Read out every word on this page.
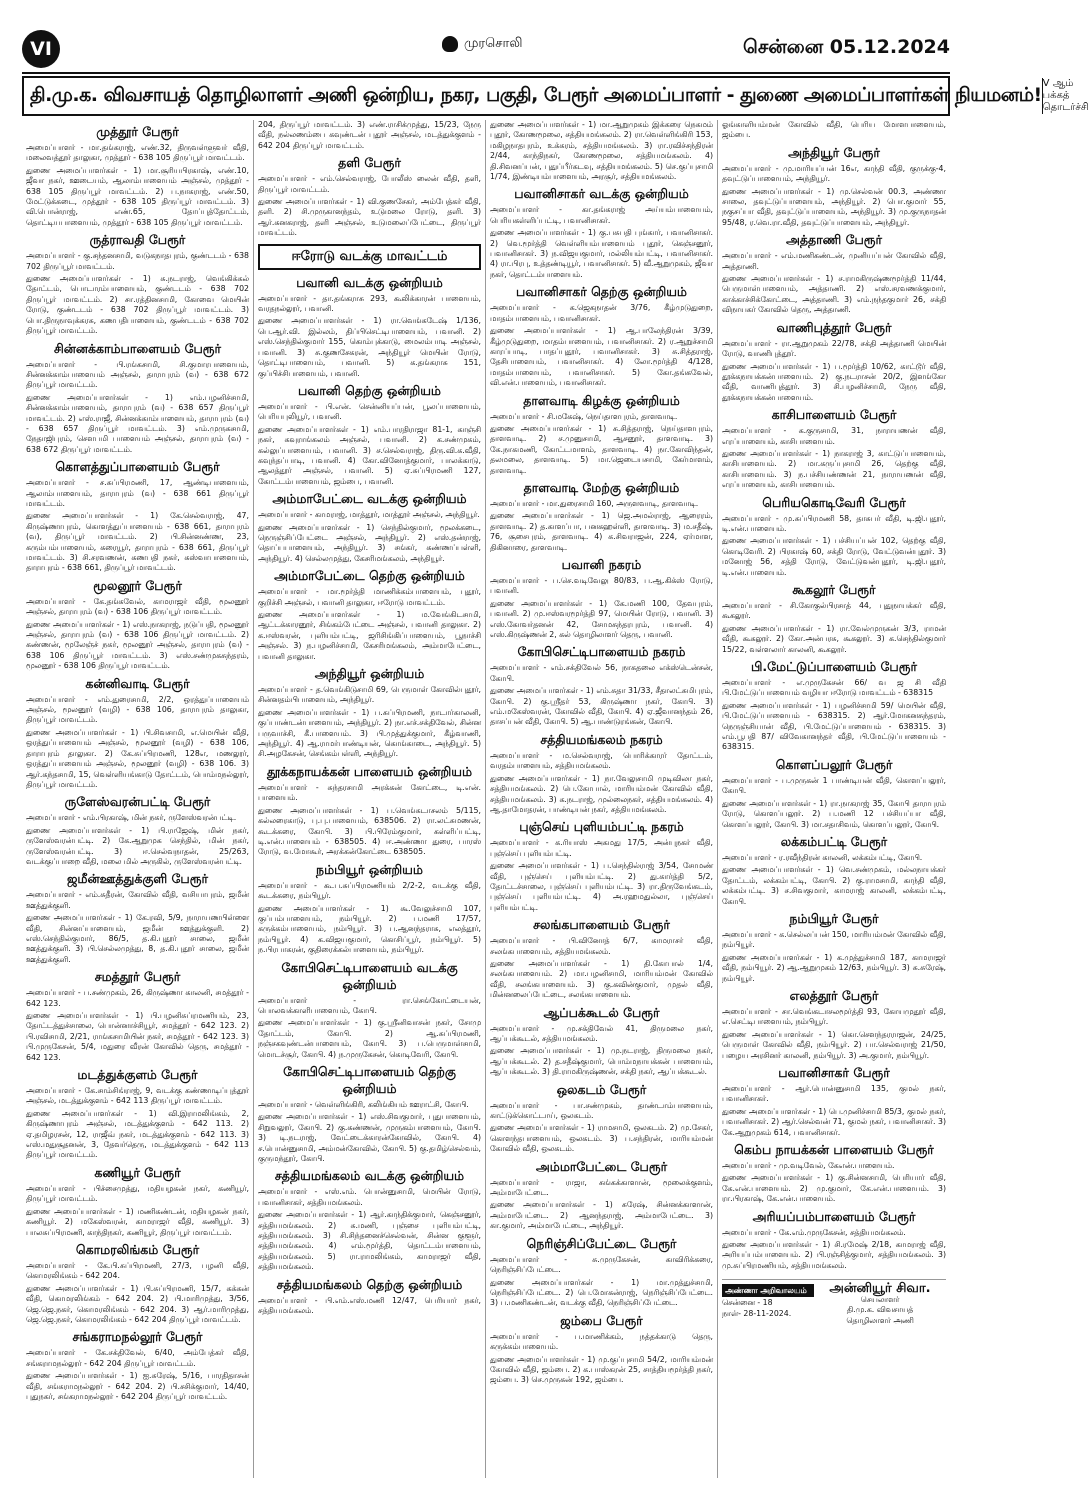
VI	முரசொலி	சென்னை 05.12.2024
தி.மு.க. விவசாயத் தொழிலாளர் அணி ஒன்றிய, நகர, பகுதி, பேரூர் அமைப்பாளர் - துணை அமைப்பாளர்கள் நியமனம்! V ஆம் பக்கத் தொடர்ச்சி
முத்தூர் பேரூர்

அமைப்பாளர் - மா.தங்கராஜ், எண்.32, திருவள்ளுவர் வீதி, மலைவத்தூர் தாலுகா, முத்தூர் - 638 105 திருப்பூர் மாவட்டம்.

துணை அமைப்பாளர்கள் - 1) மா.சூரியபிரகாஷ், எண்.10, ஜீவா நகர், ஊடையம், ஆலாம்பாளையம் அஞ்சல், முத்தூர் - 638 105 திருப்பூர் மாவட்டம். 2) ப.நாகராஜ், எண்.50, மேட்டுக்கடை, முத்தூர் - 638 105 திருப்பூர் மாவட்டம். 3) வி.பொன்ராஜ், எண்.65, தோப்புத்தோட்டம், தொட்டியபாளையம், முத்தூர் - 638 105 திருப்பூர் மாவட்டம்.

ருத்ராவதி பேரூர்

அமைப்பாளர் - கு.சந்தனசாமி, வடுகநாதபுரம், குண்டடம் - 638 702 திருப்பூர் மாவட்டம்.

துணை அமைப்பாளர்கள் - 1) சு.நடராஜ், வெங்கிக்கல் தோட்டம், பொடாரம்பாளையம், குண்டடம் - 638 702 திருப்பூர் மாவட்டம். 2) சா.ரத்தினசாமி, கோவை மெயின் ரோடு, குண்டடம் - 638 702 திருப்பூர் மாவட்டம். 3) பொ.திருநாவுக்கரசு, கணபதிபாளையம், குண்டடம் - 638 702 திருப்பூர் மாவட்டம்.

சின்னக்காம்பாளையம் பேரூர்

அமைப்பாளர் - பி.ரங்கசாமி, சி.குமாரபாளையம், சின்னக்காம்பாளையம் அஞ்சல், தாராபுரம் (வ) - 638 672 திருப்பூர் மாவட்டம்.

துணை அமைப்பாளர்கள் - 1) எம்.பழனிச்சாமி, சின்னக்காம்பாளையம், தாராபுரம் (வ) - 638 657 திருப்பூர் மாவட்டம். 2) எஸ்.ராஜீ, சின்னக்காம்பாளையம், தாராபுரம் (வ) - 638 657 திருப்பூர் மாவட்டம். 3) எம்.முருகசாமி, நேதாஜிபுரம், சௌபமி பாளையம் அஞ்சல், தாராபுரம் (வ) - 638 672 திருப்பூர் மாவட்டம்.

கொளத்துப்பாளையம் பேரூர்

அமைப்பாளர் - ச.சுப்பிரமணி, 17, ஆண்டிபாளையம், ஆலாம்பாளையம், தாராபுரம் (வ) - 638 661 திருப்பூர் மாவட்டம்.

துணை அமைப்பாளர்கள் - 1) கே.செல்வராஜ், 47, கிருஷ்ணாபுரம், கொளத்துப்பாளையம் - 638 661, தாராபுரம் (வ), திருப்பூர் மாவட்டம். 2) பி.சின்னண்ண, 23, கரும்பம்பாளையம், கரையூர், தாராபுரம் - 638 661, திருப்பூர் மாவட்டம். 3) சி.சரவணன், கணபதி நகர், கஸ்வாபாளையம், தாராபுரம் - 638 661, திருப்பூர் மாவட்டம்.

மூலனூர் பேரூர்

அமைப்பாளர் - கே.தங்கவேல், காமராஜர் வீதி, மூலனூர் அஞ்சல், தாராபுரம் (வ) - 638 106 திருப்பூர் மாவட்டம்.

துணை அமைப்பாளர்கள் - 1) எஸ்.நாகராஜ், நடுப்பதி, மூலனூர் அஞ்சல், தாராபுரம் (வ) - 638 106 திருப்பூர் மாவட்டம். 2) கண்ணன், மூலேஞ்ச் நகர், மூலனூர் அஞ்சல், தாராபுரம் (வ) - 638 106 திருப்பூர் மாவட்டம். 3) எஸ்.சண்முகசுந்தரம், மூலனூர் - 638 106 திருப்பூர் மாவட்டம்.

கன்னிவாடி பேரூர்

அமைப்பாளர் - எம்.துரைசாமி, 2/2, ஒரத்துப்பாளையம் அஞ்சல், மூலனூர் (வழி) - 638 106, தாராபுரம் தாலுகா, திருப்பூர் மாவட்டம்.

துணை அமைப்பாளர்கள் - 1) பி.சிவசாமி, எ.மெயின் வீதி, ஒரத்துப்பாளையம் அஞ்சல், மூலனூர் (வழி) - 638 106, தாராபுரம் தாலுகா. 2) கே.சுப்பிரமணி, 128எ, மணலூர், ஒரத்துப்பாளையம் அஞ்சல், மூலனூர் (வழி) - 638 106. 3) ஆர்.கந்தசாமி, 15, வெள்ளியங்காடு தோட்டம், பொம்மநல்லூர், திருப்பூர் மாவட்டம்.

ருளேஸ்வரன்பட்டி பேரூர்

அமைப்பாளர் - எம்.பிரகாஷ், மின் நகர், ருளேஸ்வரன்பட்டி.

துணை அமைப்பாளர்கள் - 1) பி.ராஜேஷ், மின் நகர், ருளேஸ்வரன்பட்டி. 2) கே.ஆறுமுக செந்தில், மின் நகர், ருளேஸ்வரன்பட்டி. 3) ஈ.செல்வநாதன், 25/263, வடக்குப்பாறை வீதி, மலை மில் அருகில், ருளேஸ்வரன்பட்டி.

ஜமீன்ஊத்துக்குளி பேரூர்

அமைப்பாளர் - எம்.சுதீரன், கோவில் வீதி, வசியாபுரம், ஜமீன் ஊத்துக்குளி.

துணை அமைப்பாளர்கள் - 1) கே.ரவி, 5/9, நாராயணபிள்ளை வீதி, சின்னப்பாளையம், ஜமீன் ஊத்துக்குளி. 2) எஸ்.செந்தில்குமார், 86/5, த.கி.புதூர் சாலை, ஜமீன் ஊத்துக்குளி. 3) பி.செல்லமுத்து, 8, த.கி.புதூர் சாலை, ஜமீன் ஊத்துக்குளி.

சமத்தூர் பேரூர்

அமைப்பாளர் - ப.சண்முகம், 26, கிருஷ்ணா காலனி, சமத்தூர் - 642 123.

துணை அமைப்பாளர்கள் - 1) பி.பழனிசுப்ரமணியம், 23, தோட்டத்துச்சாலை, பொன்னாச்சியூர், சமத்தூர் - 642 123. 2) பி.ரவிசாமி, 2/21, ராங்கசாமியின் நகர், சமத்தூர் - 642 123. 3) பி.முருகேசன், 5/4, மதுரை வீரன் கோவில் தெரு, சமத்தூர் - 642 123.

மடத்துக்குளம் பேரூர்

அமைப்பாளர் - கே.சாம்சிங்ராஜ், 9, வடக்கு கண்ணாடிப்புத்தூர் அஞ்சல், மடத்துக்குளம் - 642 113 திருப்பூர் மாவட்டம்.

துணை அமைப்பாளர்கள் - 1) வி.இராமலிங்கம், 2, கிருஷ்ணாபுரம் அஞ்சல், மடத்துக்குளம் - 642 113. 2) ஏ.தமிழரசன், 12, ராஜீவ் நகர், மடத்துக்குளம் - 642 113. 3) எஸ்.மதுசூதனன், 3, தேவர்தெரு, மடத்துக்குளம் - 642 113 திருப்பூர் மாவட்டம்.

கணியூர் பேரூர்

அமைப்பாளர் - பிச்சைமுத்து, மதியழகன் நகர், கணியூர், திருப்பூர் மாவட்டம்.

துணை அமைப்பாளர்கள் - 1) மணிகண்டன், மதியழகன் நகர், கணியூர். 2) மகேஸ்வரன், காமராஜர் வீதி, கணியூர். 3) பாலசுப்பிரமணி, காந்திநகர், கணியூர், திருப்பூர் மாவட்டம்.

கொமரலிங்கம் பேரூர்

அமைப்பாளர் - கே.பி.சுப்பிரமணி, 27/3, பழனி வீதி, கொமரலிங்கம் - 642 204.

துணை அமைப்பாளர்கள் - 1) பி.சுப்பிரமணி, 15/7, கக்கன் வீதி, கொமரலிங்கம் - 642 204. 2) பி.மாரிமுத்து, 3/56, ஜெ.ஜெ.நகர், கொமரலிங்கம் - 642 204. 3) ஆர்.மாரிமுத்து, ஜெ.ஜெ.நகர், கொமரலிங்கம் - 642 204 திருப்பூர் மாவட்டம்.

சங்கராமநல்லூர் பேரூர்

அமைப்பாளர் - கே.சக்திவேல், 6/40, அம்பேத்கர் வீதி, சங்கராமநல்லூர் - 642 204 திருப்பூர் மாவட்டம்.

துணை அமைப்பாளர்கள் - 1) ஐ.சுரேஷ், 5/16, பாரதிதாசன் வீதி, சங்கராமநல்லூர் - 642 204. 2) பி.சசிக்குமார், 14/40, புதுநகர், சங்கராமநல்லூர் - 642 204 திருப்பூர் மாவட்டம்.

204, திருப்பூர் மாவட்டம். 3) எண்.ராசிக்முத்து, 15/23, நேரு வீதி, நல்லணம்பை கவுண்டன் புதூர் அஞ்சல், மடத்துக்குளம் - 642 204 திருப்பூர் மாவட்டம்.

தளி பேரூர்

அமைப்பாளர் - எம்.செல்வராஜ், போலீஸ் லைன் வீதி, தளி, திருப்பூர் மாவட்டம்.

துணை அமைப்பாளர்கள் - 1) வி.குணசேகர், அம்பேத்கர் வீதி, தளி. 2) சி.முருகானந்தம், உடுமலை ரோடு, தளி. 3) ஆர்.கனகராஜ், தளி அஞ்சல், உடுமலைப்பேட்டை, திருப்பூர் மாவட்டம்.

ஈரோடு வடக்கு மாவட்டம்
பவானி வடக்கு ஒன்றியம்

அமைப்பாளர் - தா.தங்கராசு 293, கூலிக்காரன் பாளையம், வரதநல்லூர், பவானி.

துணை அமைப்பாளர்கள் - 1) ரா.வெங்கடேஷ் 1/136, பெ.ஆர்.வி. இல்லம், திப்பிசெட்டிபாளையம், பவானி. 2) எஸ்.செந்தில்குமார் 155, கொம்புக்காடு, மைலம்பாடி அஞ்சல், பவானி. 3) சு.குணசேகரன், அந்தியூர் மெயின் ரோடு, தொட்டிபாளையம், பவானி. 5) க.தங்கராசு 151, குப்பிச்சிபாளையம், பவானி.

பவானி தெற்கு ஒன்றியம்

அமைப்பாளர் - பி.என். சென்னியப்பன், பூலப்பாளையம், பெரியபுலியூர், பவானி.

துணை அமைப்பாளர்கள் - 1) எம்.பாரதிராஜா 81-1, காஞ்சி நகர், கவுராங்கலம் அஞ்சல், பவானி. 2) க.சண்முகம், கல்லுப்பாளையம், பவானி. 3) ச.செல்வராஜ், திரு.வி.க.வீதி, கவுந்தப்பாடி, பவானி. 4) கோ.வினோத்குமார், பாலக்காடு, ஆலத்தூர் அஞ்சல், பவானி. 5) ஏ.சுப்பிரமணி 127, கோட்டம்பாளையம், ஜம்பை, பவானி.

அம்மாபேட்டை வடக்கு ஒன்றியம்

அமைப்பாளர் - காமராஜ், மாத்தூர், மாத்தூர் அஞ்சல், அந்தியூர்.

துணை அமைப்பாளர்கள் - 1) செந்தில்குமார், மூலக்கடை, நெருஞ்சிப்பேட்டை அஞ்சல், அந்தியூர். 2) எஸ்.தன்ராஜ், தொப்பபாளையம், அந்தியூர். 3) சங்கர், கண்ணப்பள்ளி, அந்தியூர். 4) செல்லமுத்து, கேசரிமங்கலம், அந்தியூர்.

அம்மாபேட்டை தெற்கு ஒன்றியம்

அமைப்பாளர் - மா.மூர்த்தி மாணிக்கம்பாளையம், புதூர், குறிச்சி அஞ்சல், பவானி தாலுகா, ஈரோடு மாவட்டம்.

துணை அமைப்பாளர்கள் - 1) ம.வேங்கிடசாமி, ஆட்டக்காரனூர், சிங்கம்பேட்டை அஞ்சல், பவானி தாலுகா. 2) க.ஈஸ்வரன், புளியம்பட்டி, ஜரிசிங்கிப்பாளையம், பூநாச்சி அஞ்சல். 3) ந.பழனிச்சாமி, கேசரிமங்கலம், அம்மாபேட்டை, பவானி தாலுகா.

அந்தியூர் ஒன்றியம்

அமைப்பாளர் - த.வெங்கிடுசாமி 69, பெருமாள் கோவில்புதூர், சின்னதம்பிபாளையம், அந்தியூர்.

துணை அமைப்பாளர்கள் - 1) ப.சுப்பிரமணி, நாடார்காலனி, குப்பாண்டன்பாளையம், அந்தியூர். 2) நா.எச்.சக்திவேல், சின்ன பருவாச்சி, கீ.பாளையம். 3) பி.முத்துக்குமார், கீழ்வாணி, அந்தியூர். 4) ஆ.ராமர்பாண்டியன், கொங்காடை, அந்தியூர். 5) சி.அழகேசன், செங்கம்பள்ளி, அந்தியூர்.

தூக்கநாயக்கன் பாளையம் ஒன்றியம்

அமைப்பாளர் - சுந்தரசாமி அரக்கன் கோட்டை, டி.என். பாளையம்.

துணை அமைப்பாளர்கள் - 1) ப.வெங்கடாசலம் 5/115, கல்லரைகாடு, பு.பு.பாளையம், 638506. 2) ரா.லட்சுமணன், கூடக்கரை, கோபி. 3) பி.பிரேம்குமார், கள்ளிப்பட்டி, டி.என்.பாளையம் - 638505. 4) ஈ.அண்ணா துரை, பாரஸ் ரோடு, வ.மோகூர், அரக்கன்கோட்டை 638505.

நம்பியூர் ஒன்றியம்

அமைப்பாளர் - கூ.ப.சுப்பிரமணியம் 2/2-2, வடக்கு வீதி, கூடக்கரை, நம்பியூர்.

துணை அமைப்பாளர்கள் - 1) கூ.வேலுச்சாமி 107, குப்பம்பாளையம், நம்பியூர். 2) ப.மணி 17/57, கருக்கம்பாளையம், நம்பியூர். 3) ப.ஆனந்தராசு, எலத்தூர், நம்பியூர். 4) க.விஜயகுமார், கொசிப்பூர், நம்பியூர். 5) ந.பிரபாகரன், குதிரைக்கல்பாளையம், நம்பியூர்.

கோபிசெட்டிபாளையம் வடக்கு ஒன்றியம்

அமைப்பாளர் - ரா.செங்கோட்டையன், பொலவக்காளிபாளையம், கோபி.

துணை அமைப்பாளர்கள் - 1) கு.ஸ்ரீனிவாசன் நகர், சோமு தோட்டம், கோபி. 2) ஆ.சுப்பிரமணி, நஞ்சகவுண்டன்பாளையம், கோபி. 3) ப.பெருமாள்சாமி, மொடச்சூர், கோபி. 4) ந.முருகேசன், கொடிவேரி, கோபி.

கோபிசெட்டிபாளையம் தெற்கு ஒன்றியம்

அமைப்பாளர் - வெள்ளிங்கிரி, கலிங்கியம் ஊராட்சி, கோபி.

துணை அமைப்பாளர்கள் - 1) எஸ்.சிவகுமார், புதுபாளையம், சிறுவலூர், கோபி. 2) கு.கண்ணன், முருகம்பாளையம், கோபி. 3) டி.நடராஜ், வேட்டைக்காரன்கோவில், கோபி. 4) ச.பொன்னுசாமி, அம்மன்கோவில், கோபி. 5) கு.தமிழ்செல்வம், குருமந்தூர், கோபி.

சத்தியமங்கலம் வடக்கு ஒன்றியம்

அமைப்பாளர் - எஸ்.எம். பொன்னுசாமி, மெயின் ரோடு, பவானிசாகர், சத்தியமங்கலம்.

துணை அமைப்பாளர்கள் - 1) ஆர்.காந்திக்குமார், கெஞ்சனூர், சத்தியமங்கலம். 2) சு.மணி, புஞ்சை புளியம்பட்டி, சத்தியமங்கலம். 3) சி.சிந்தனைச்செல்வன், சின்ன குளூர், சத்தியமங்கலம். 4) எம்.மூர்த்தி, தொட்டம்பாளையம், சத்தியமங்கலம். 5) ரா.ராமலிங்கம், காமராஜர் வீதி, சத்தியமங்கலம்.

சத்தியமங்கலம் தெற்கு ஒன்றியம்

அமைப்பாளர் - பி.எம்.எஸ்.மணி 12/47, பெரியார் நகர், சத்தியமங்கலம்.

துணை அமைப்பாளர்கள் - 1) மா.ஆறுமுகம் இக்கரை நெகமம் புதூர், கோணமூலை, சத்தியமங்கலம். 2) ரா.வெள்ளிங்கிரி 153, மகிழநாதபுரம், உக்கரம், சத்தியமங்கலம். 3) ரா.ரவிச்சந்திரன் 2/44, காந்திநகர், கோணமூலை, சத்தியமங்கலம். 4) தி.சிவனப்பன், புதுப்பீர்கடவு, சத்தியமங்கலம். 5) செ.குப்புசாமி 1/74, இண்டியம்பாளையம், அரசூர், சத்தியமங்கலம்.

பவானிசாகர் வடக்கு ஒன்றியம்

அமைப்பாளர் - கா.தங்கராஜ் அய்யம்பாளையம், பெரியகள்ளிப்பட்டி, பவானிசாகர்.

துணை அமைப்பாளர்கள் - 1) கு.பசுபதி புங்கார், பவானிசாகர். 2) வெ.மூர்த்தி வெள்ளியம்பாளையம் புதூர், கெஞ்சனூர், பவானிசாகர். 3) ந.விஜயகுமார், மல்லியம்பட்டி, பவானிசாகர். 4) ரா.பிரபு, உத்தண்டியூர், பவானிசாகர். 5) வீ.ஆறுமுகம், ஜீவா நகர், தொட்டம்பாளையம்.

பவானிசாகர் தெற்கு ஒன்றியம்

அமைப்பாளர் - க.ஜெகநாதன் 3/76, கீழ்முடுதுறை, மாதம்பாளையம், பவானிசாகர்.

துணை அமைப்பாளர்கள் - 1) ஆ.பாலேந்திரன் 3/39, கீழ்முடுதுறை, மாதம்பாளையம், பவானிசாகர். 2) ர.ஆறுச்சாமி காரப்பாடி, பாதப்புதூர், பவானிசாகர். 3) சு.சித்தராஜ், தேசிபாளையம், பவானிசாகர். 4) லோ.மூர்த்தி 4/128, மாதம்பாளையம், பவானிசாகர். 5) கோ.தங்கவேல், வி.என்.பாளையம், பவானிசாகர்.

தாளவாடி கிழக்கு ஒன்றியம்

அமைப்பாளர் - சி.மகேஷ், நெய்தாளபுரம், தாளவாடி.

துணை அமைப்பாளர்கள் - 1) சு.சித்தராஜ், நெய்தாளபுரம், தாளவாடி. 2) ச.முனுசாமி, ஆசனூர், தாளவாடி. 3) கே.நாகமணி, கோட்டமாளம், தாளவாடி. 4) நா.கோவிந்தன், தலமலை, தாளவாடி. 5) மா.ஜெடையசாமி, கேர்மாளம், தாளவாடி.

தாளவாடி மேற்கு ஒன்றியம்

அமைப்பாளர் - மா.துரைசாமி 160, அருளவாடி, தாளவாடி.

துணை அமைப்பாளர்கள் - 1) ஜெ.அமல்ராஜ், ஆரைரம், தாளவாடி. 2) த.காளப்பா, பனகஹள்ளி, தாளவாடி. 3) ம.சதீஷ், 76, சூசைபுரம், தாளவாடி. 4) க.சிவராஜன், 224, ஏர்மாள, திகினாரை, தாளவாடி.

பவானி நகரம்

அமைப்பாளர் - ப.செ.வடிவேலு 80/83, ப.ஆ.கிக்ஸ் ரோடு, பவானி.

துணை அமைப்பாளர்கள் - 1) கே.மணி 100, தேவபுரம், பவானி. 2) மு.ஈஸ்வரமூர்த்தி 97, மெயின் ரோடு, பவானி. 3) எஸ்.கோவர்தனன் 42, சோமசுந்தரபுரம், பவானி. 4) எஸ்.கிருஷ்ணன் 2, கல் தொழிலாளர் தெரு, பவானி.

கோபிசெட்டிபாளையம் நகரம்

அமைப்பாளர் - எம்.சக்திவேல் 56, நாகதலை எக்ஸ்டென்சன், கோபி.

துணை அமைப்பாளர்கள் - 1) எம்.சுதா 31/33, சீதாலட்சுமிபுரம், கோபி. 2) கு.ஸ்ரீதர் 53, கிருஷ்ணா நகர், கோபி. 3) எம்.மகேஸ்வரன், கோவில் வீதி, கோபி. 4) ஏ.ஜீவானந்தம் 26, தாசப்பன் வீதி, கோபி. 5) ஆ.பாண்டுரங்கன், கோபி.

சத்தியமங்கலம் நகரம்

அமைப்பாளர் - ம.செல்வராஜ், பொரிக்காரர் தோட்டம், வரதம்பாளையம், சத்தியமங்கலம்.

துணை அமைப்பாளர்கள் - 1) நா.வேலுசாமி முடிவிலா நகர், சத்தியமங்கலம். 2) பெ.கோபால், மாரியம்மன் கோவில் வீதி, சத்தியமங்கலம். 3) க.நடராஜ், முல்லைநகர், சத்தியமங்கலம். 4) ஆ.தாமோதரன், பாண்டியன் நகர், சத்தியமங்கலம்.

புஞ்செய் புளியம்பட்டி நகரம்

அமைப்பாளர் - க.ரியாஸ் அகமது 17/5, அன்புநகர் வீதி, புஞ்செய் புளியம்பட்டி.

துணை அமைப்பாளர்கள் - 1) ப.செந்தில்ராஜ் 3/54, சோமண் வீதி, புஞ்செய் புளியம்பட்டி. 2) து.கார்த்தி 5/2, தோட்டச்சாலை, புஞ்செய் புளியம்பட்டி. 3) ரா.திருவேங்கடம், புஞ்செய் புளியம்பட்டி. 4) அ.ரஹமதுல்லா, புஞ்செய் புளியம்பட்டி.

சலங்கபாளையம் பேரூர்

அமைப்பாளர் - பி.வினோத் 6/7, காமராசர் வீதி, சலங்கபாளையம், சத்தியமங்கலம்.

துணை அமைப்பாளர்கள் - 1) தி.கோபால் 1/4, சலங்கபாளையம். 2) மா.பழனிசாமி, மாரியம்மன் கோவில் வீதி, சலங்கபாளையம். 3) கு.கவின்குமார், முதல் வீதி, மின்னலைப்பேட்டை, சலங்கபாளையம்.

ஆப்பக்கூடல் பேரூர்

அமைப்பாளர் - மு.சக்திவேல் 41, திருமலை நகர், ஆப்பக்கூடல், சத்தியமங்கலம்.

துணை அமைப்பாளர்கள் - 1) மு.நடராஜ், திருமலை நகர், ஆப்பக்கூடல். 2) த.சதீஷ்குமார், பொம்மநாயக்கன் பாளையம், ஆப்பக்கூடல். 3) தி.ராமகிருஷ்ணன், சக்தி நகர், ஆப்பக்கூடல்.

ஒலகடம் பேரூர்

அமைப்பாளர் - பா.சண்முகம், தாண்டாம்பாளையம், காட்டுக்கொட்டாய், ஒலகடம்.

துணை அமைப்பாளர்கள் - 1) ராமசாமி, ஒலகடம். 2) மு.சேகர், கொளந்தபாளையம், ஒலகடம். 3) ப.சந்திரன், மாரியம்மன் கோவில் வீதி, ஒலகடம்.

அம்மாபேட்டை பேரூர்

அமைப்பாளர் - ராஜா, சுங்கக்காளான், மூலைக்குளம், அம்மாபேட்டை.

துணை அமைப்பாளர்கள் - 1) சுரேஷ், சின்னக்காளான், அம்மாபேட்டை. 2) ஆனந்தராஜ், அம்மாபேட்டை. 3) கா.குமார், அம்மாபேட்டை, அந்தியூர்.

நெரிஞ்சிப்பேட்டை பேரூர்

அமைப்பாளர் - சு.முருகேசன், காவிரிக்கரை, நெரிஞ்சிப்பேட்டை.

துணை அமைப்பாளர்கள் - 1) மா.முத்துச்சாமி, நெரிஞ்சிப்பேட்டை. 2) பெ.மோகன்ராஜ், நெரிஞ்சிப்பேட்டை. 3) ப.மணிகண்டன், வடக்கு வீதி, நெரிஞ்சிப்பேட்டை.

ஜம்பை பேரூர்

அமைப்பாளர் - ப.மாணிக்கம், நத்தக்காடு தெரு, கருக்கம்பாளையம்.

துணை அமைப்பாளர்கள் - 1) மு.குப்புசாமி 54/2, மாரியம்மன் கோவில் வீதி, ஜம்பை. 2) க.பாஸ்கரன் 25, சாத்தியமூர்த்தி நகர், ஜம்பை. 3) செ.முருகன் 192, ஜம்பை.

ஓங்காளியம்மன் கோவில் வீதி, பெரிய மோளபாளையம், ஜம்பை.

அந்தியூர் பேரூர்

அமைப்பாளர் - மு.மாரியப்பன் 16எ, காந்தி வீதி, குருக்கு-4, தவுட்டுப்பாளையம், அந்தியூர்.

துணை அமைப்பாளர்கள் - 1) மு.செல்வன் 00.3, அண்ணா சாலை, தவுட்டுப்பாளையம், அந்தியூர். 2) பொ.குமார் 55, நகுசப்பா வீதி, தவுட்டுப்பாளையம், அந்தியூர். 3) மு.குருநாதன் 95/48, ர.வெ.ரா.வீதி, தவுட்டுப்பாளையம், அந்தியூர்.

அத்தாணி பேரூர்

அமைப்பாளர் - எம்.மணிகண்டன், முனியப்பன் கோவில் வீதி, அத்தாணி.

துணை அமைப்பாளர்கள் - 1) ச.ராமகிருஷ்ணமூர்த்தி 11/44, பெருமாள்பாளையம், அத்தாணி. 2) எஸ்.சரவணக்குமார், காக்காச்சிக்கோட்டை, அத்தாணி. 3) எம்.நந்தகுமார் 26, சக்தி விநாயகர் கோவில் தெரு, அத்தாணி.

வாணிபுத்தூர் பேரூர்

அமைப்பாளர் - ரா.ஆறுமுகம் 22/78, சக்தி அத்தாணி மெயின் ரோடு, வாணிபுத்தூர்.

துணை அமைப்பாளர்கள் - 1) ப.மூர்த்தி 10/62, காட்டூர் வீதி, தூக்கநாயக்கன்பாளையம். 2) கு.நடராசன் 20/2, இளங்கோ வீதி, வாணிபுத்தூர். 3) சி.பழனிச்சாமி, நேரு வீதி, தூக்கநாயக்கன்பாளையம்.

காசிபாளையம் பேரூர்

அமைப்பாளர் - க.குருசாமி, 31, நாராயணன் வீதி, எரப்பாளையம், காசிபாளையம்.

துணை அமைப்பாளர்கள் - 1) நாகராஜ் 3, காட்டுப்பாளையம், காசிபாளையம். 2) மா.கருப்புசாமி 26, தெற்கு வீதி, காசிபாளையம். 3) ந.பச்சியண்ணன் 21, நாராயணன் வீதி, எரப்பாளையம், காசிபாளையம்.

பெரியகொடிவேரி பேரூர்

அமைப்பாளர் - மு.சுப்பிரமணி 58, தாசுபர் வீதி, டி.ஜி.புதூர், டி.என்.பாளையம்.

துணை அமைப்பாளர்கள் - 1) பச்சியப்பன் 102, தெற்கு வீதி, கொடிவேரி. 2) பிரகாஷ் 60, சக்தி ரோடு, வேட்டுவன்புதூர். 3) மனோஜ் 56, சத்தி ரோடு, வேட்டுவன்புதூர், டி.ஜி.புதூர், டி.என்.பாளையம்.

கூகலூர் பேரூர்

அமைப்பாளர் - சி.கோகுல்பிரசாத் 44, புதுநாயக்கர் வீதி, கூகலூர்.

துணை அமைப்பாளர்கள் - 1) ரா.வேல்முருகன் 3/3, ராமன் வீதி, கூகலூர். 2) கோ.அன்பரசு, கூகலூர். 3) க.செந்தில்குமார் 15/22, வள்ளலார் காலனி, கூகலூர்.

பி.மேட்டுப்பாளையம் பேரூர்

அமைப்பாளர் - எ.முருகேசன் 66/ வ ஜ சி வீதி பி.மேட்டுப்பாளையம் வழியா ஈரோடு மாவட்டம் - 638315

துணை அமைப்பாளர்கள் - 1) பழனிச்சாமி 59/ மெயின் வீதி, பி.மேட்டுப்பாளையம் - 638315. 2) ஆர்.மோகனசுந்தரம், நெருஞ்சியான் வீதி, பி.மேட்டுப்பாளையம் - 638315. 3) எம்.பூபதி 87/ விவேகானந்தர் வீதி, பி.மேட்டுப்பாளையம் - 638315.

கொளப்பலூர் பேரூர்

அமைப்பாளர் - ப.முருகன் 1 பாண்டியன் வீதி, கொளப்பலூர், கோபி.

துணை அமைப்பாளர்கள் - 1) ரா.நாகராஜ் 35, கோபி தாராபுரம் ரோடு, கொளப்பலூர். 2) ப.மணி 12 பச்சியப்பா வீதி, கொளப்பலூர், கோபி. 3) மா.சதாசிவம், கொளப்பலூர், கோபி.

லக்கம்பட்டி பேரூர்

அமைப்பாளர் - ர.ரவீந்திரன் காலனி, லக்கம்பட்டி, கோபி.

துணை அமைப்பாளர்கள் - 1) வெ.சண்முகம், மல்லநாயக்கர் தோட்டம், லக்கம்பட்டி, கோபி. 2) கு.ராமசாமி, காந்தி வீதி, லக்கம்பட்டி. 3) ச.சிவகுமார், காமராஜ் காலனி, லக்கம்பட்டி, கோபி.

நம்பியூர் பேரூர்

அமைப்பாளர் - க.செல்லப்பன் 150, மாரியம்மன் கோவில் வீதி, நம்பியூர்.

துணை அமைப்பாளர்கள் - 1) க.முத்துச்சாமி 187, காமராஜர் வீதி, நம்பியூர். 2) ஆ.ஆறுமுகம் 12/63, நம்பியூர். 3) சு.சுரேஷ், நம்பியூர்.

எலத்தூர் பேரூர்

அமைப்பாளர் - சா.வெங்கடாசலமூர்த்தி 93, கோயமுதூர் வீதி, எ.செட்டிபாளையம், நம்பியூர்.

துணை அமைப்பாளர்கள் - 1) கொ.சௌந்தரராஜன், 24/25, பெருமாள் கோவில் வீதி, நம்பியூர். 2) பா.செல்வராஜ் 21/50, பழைய அரசினர் காலனி, நம்பியூர். 3) அ.குமார், நம்பியூர்.

பவானிசாகர் பேரூர்

அமைப்பாளர் - ஆர்.பொன்னுசாமி 135, குமல் நகர், பவானிசாகர்.

துணை அமைப்பாளர்கள் - 1) பெ.முனிச்சாமி 85/3, குமல் நகர், பவானிசாகர். 2) ஆர்.செல்வன் 71, குமல் நகர், பவானிசாகர். 3) கே.ஆறுமுகம் 614, பவானிசாகர்.

கெம்ப நாயக்கன் பாளையம் பேரூர்

அமைப்பாளர் - மு.வடிவேல், கேஎன்.பாளையம்.

துணை அமைப்பாளர்கள் - 1) கு.சின்னசாமி, பெரியார் வீதி, கே.என்.பாளையம். 2) மு.குமார், கே.என்.பாளையம். 3) ரா.பிரகாஷ், கே.என்.பாளையம்.

அரியப்பம்பாளையம் பேரூர்

அமைப்பாளர் - கே.எம்.முருகேசன், சத்தியமங்கலம்.

துணை அமைப்பாளர்கள் - 1) சி.ரமேஷ் 2/18, காமராஜ் வீதி, அரியப்பம்பாளையம். 2) பி.ரஞ்சித்குமார், சத்தியமங்கலம். 3) மு.சுப்பிரமணியம், சத்தியமங்கலம்.

அண்ணா அறிவாலயம்
சென்னை - 18
நாள்- 28-11-2024.
அன்னியூர் சிவா.
செயலாளர்
தி.மு.க. விவசாயத்
தொழிலாளர் அணி
